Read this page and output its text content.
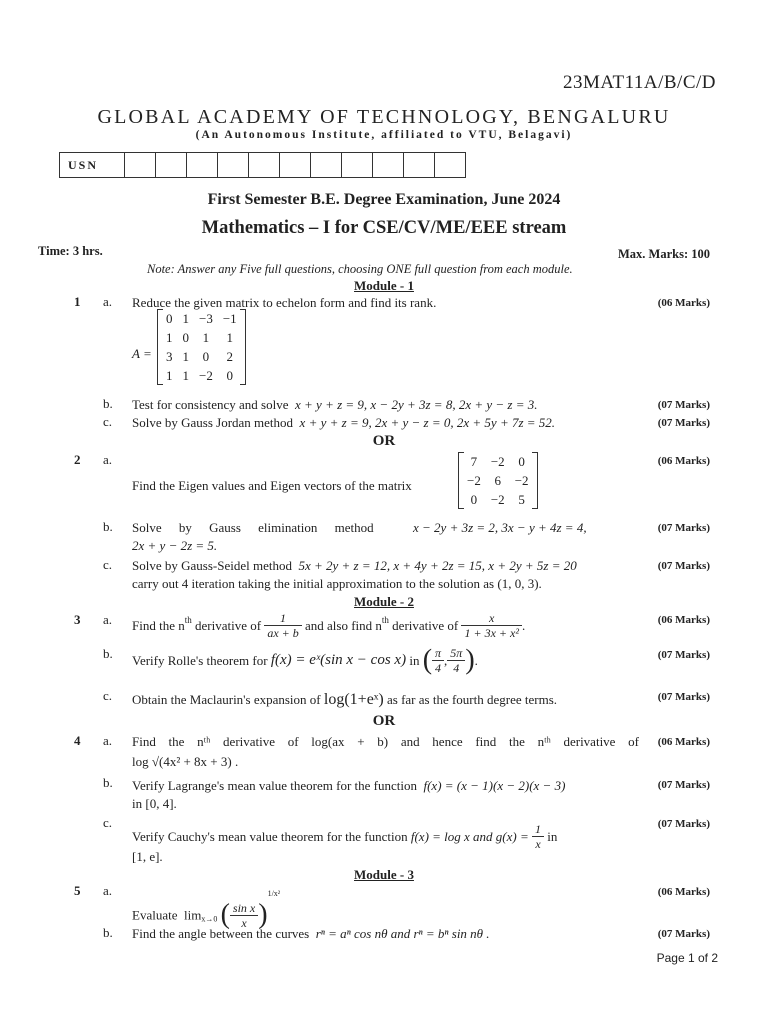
23MAT11A/B/C/D
GLOBAL ACADEMY OF TECHNOLOGY, BENGALURU
(An Autonomous Institute, affiliated to VTU, Belagavi)
USN											
First Semester B.E. Degree Examination, June 2024
Mathematics – I for CSE/CV/ME/EEE stream
Time: 3 hrs.	Max. Marks: 100
Note: Answer any Five full questions, choosing ONE full question from each module.
Module - 1
1 a. Reduce the given matrix to echelon form and find its rank.	(06 Marks)
A =
0	1	−3	−1
1	0	1	1
3	1	0	2
1	1	−2	0
b. Test for consistency and solve x + y + z = 9, x − 2y + 3z = 8, 2x + y − z = 3.	(07 Marks)
c. Solve by Gauss Jordan method x + y + z = 9, 2x + y − z = 0, 2x + 5y + 7z = 52.	(07 Marks)
OR
2 a.
Find the Eigen values and Eigen vectors of the matrix
7	−2	0
−2	6	−2
0	−2	5
(06 Marks)
b. Solve by Gauss elimination method	x − 2y + 3z = 2, 3x − y + 4z = 4,
2x + y − 2z = 5.
(07 Marks)
c. Solve by Gauss-Seidel method 5x + 2y + z = 12, x + 4y + 2z = 15, x + 2y + 5z = 20
carry out 4 iteration taking the initial approximation to the solution as (1, 0, 3).
(07 Marks)
Module - 2
3 a. Find the $n^{th}$ derivative of $\frac{1}{ax + b}$ and also find $n^{th}$ derivative of $\frac{x}{\text{1 + 3x + x²}}$ .	(06 Marks)
b. Verify Rolle's theorem for f(x) = eˣ(sin x − cos x) in ( $\frac{\pi}{4}$ , $\frac{5\pi}{4}$ ).	(07 Marks)
c. Obtain the Maclaurin's expansion of log(1+eˣ) as far as the fourth degree terms.	(07 Marks)
OR
4 a. Find the nᵗʰ derivative of log(ax + b) and hence find the nᵗʰ derivative of
log √(4x² + 8x + 3) .
(06 Marks)
b. Verify Lagrange's mean value theorem for the function f(x) = (x − 1)(x − 2)(x − 3)
in [0, 4].
(07 Marks)
c.
Verify Cauchy's mean value theorem for the function f(x) = log x and $g(x) = \frac{1}{x}$ in
[1, e].
(07 Marks)
Module - 3
5 a.
Evaluate $\lim_{x\to 0}$ ( $\frac{\text{sin x}}{x} )^{1/x^2}$	(06 Marks)
b. Find the angle between the curves rⁿ = aⁿ cos nθ and rⁿ = bⁿ sin nθ .	(07 Marks)
Page 1 of 2
